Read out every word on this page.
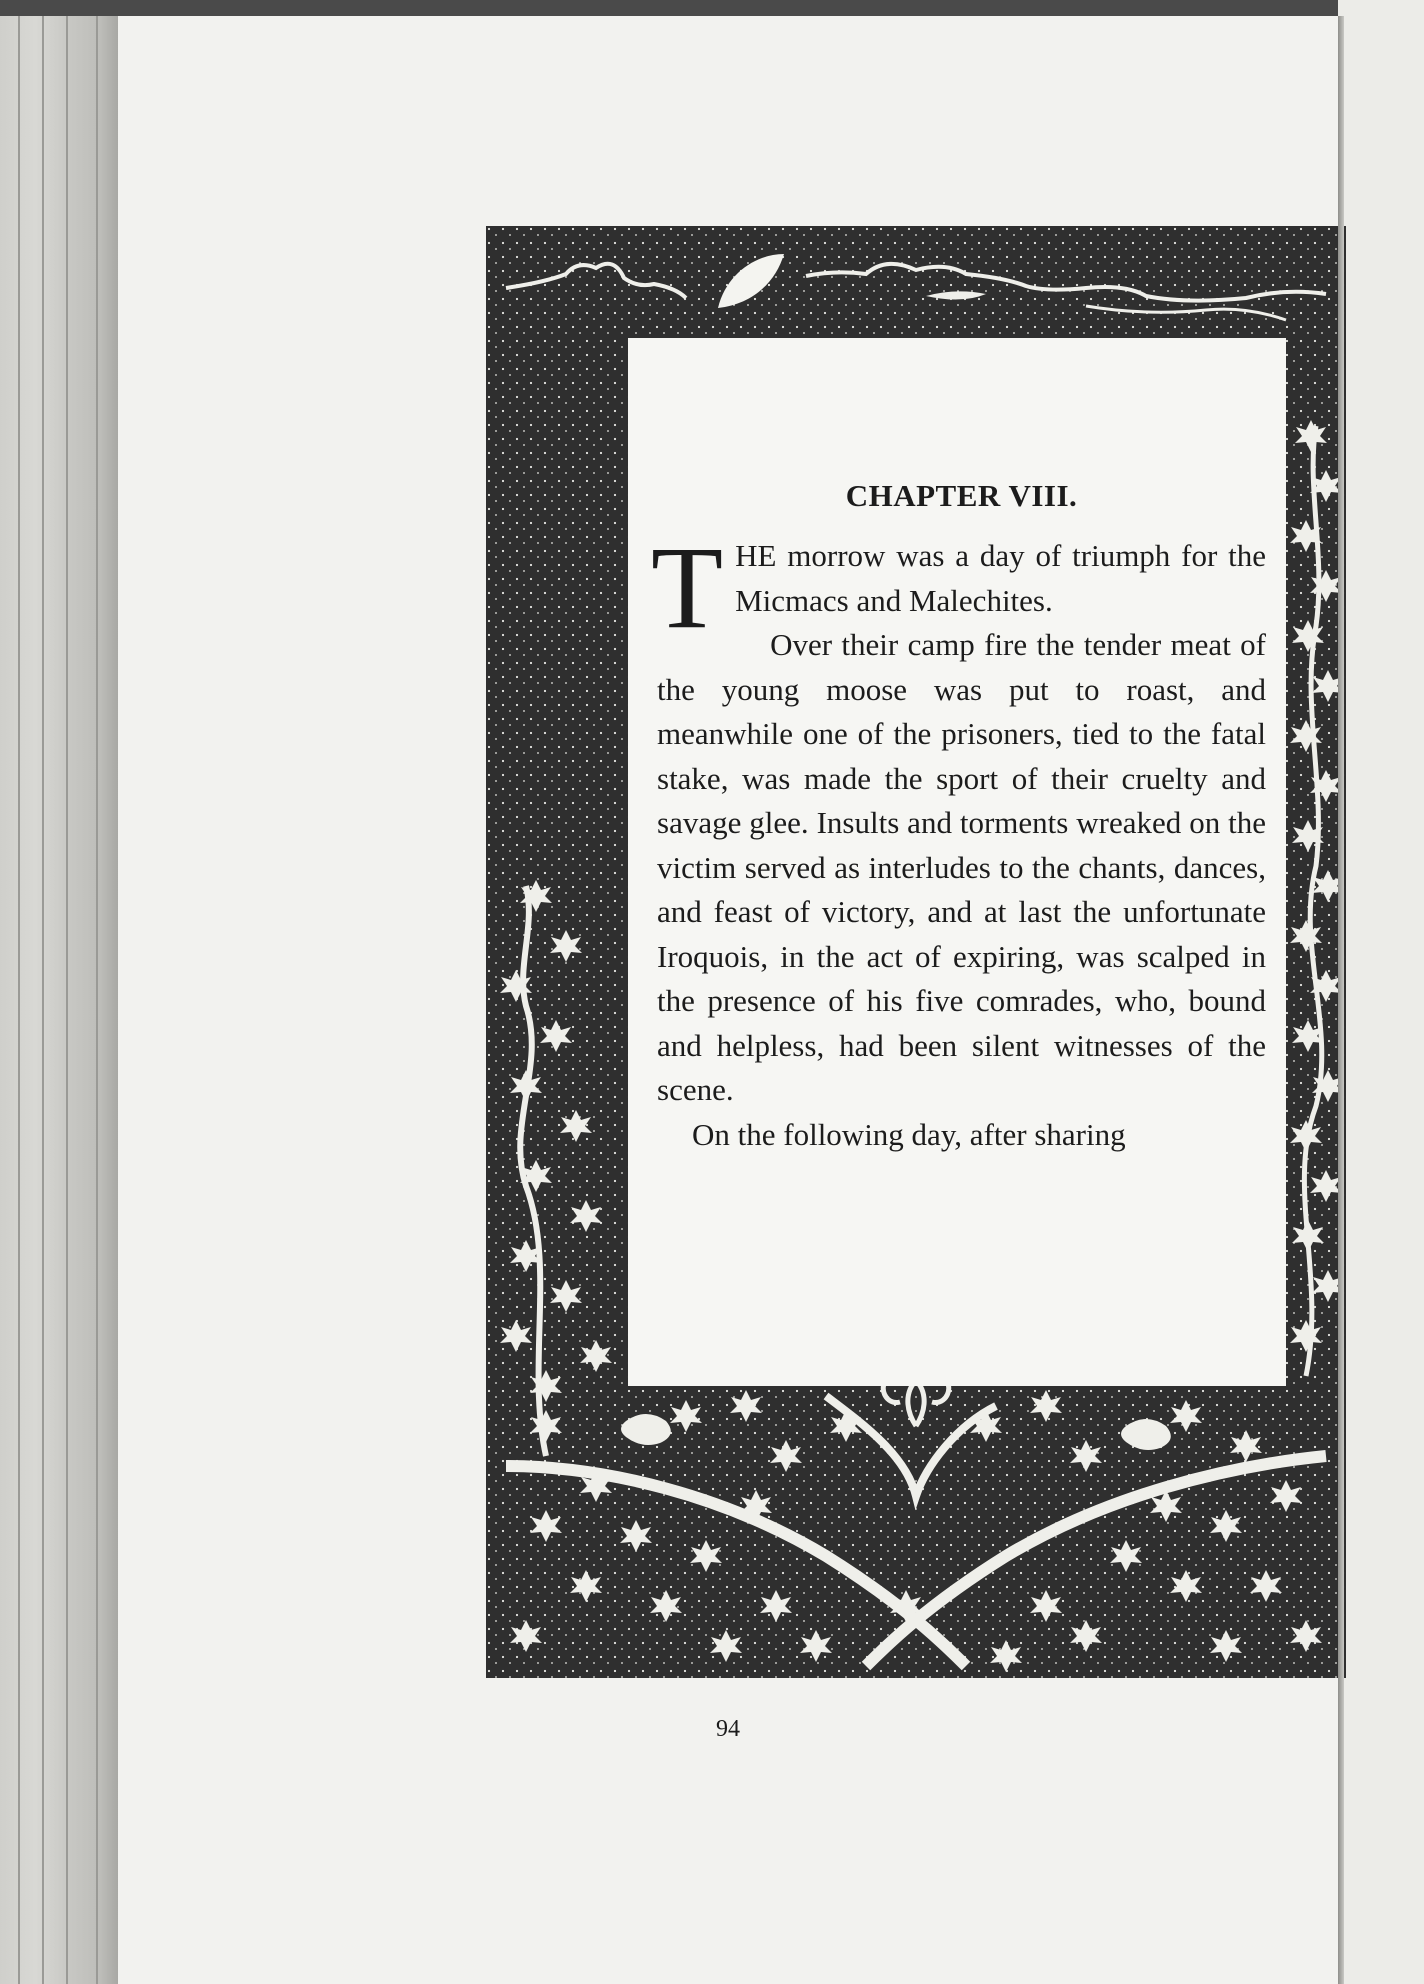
CHAPTER VIII.

THE morrow was a day of triumph for the Micmacs and Malechites.

Over their camp fire the tender meat of the young moose was put to roast, and meanwhile one of the prisoners, tied to the fatal stake, was made the sport of their cruelty and savage glee. Insults and torments wreaked on the victim served as interludes to the chants, dances, and feast of victory, and at last the unfortunate Iroquois, in the act of expiring, was scalped in the presence of his five comrades, who, bound and helpless, had been silent witnesses of the scene.

On the following day, after sharing

94
